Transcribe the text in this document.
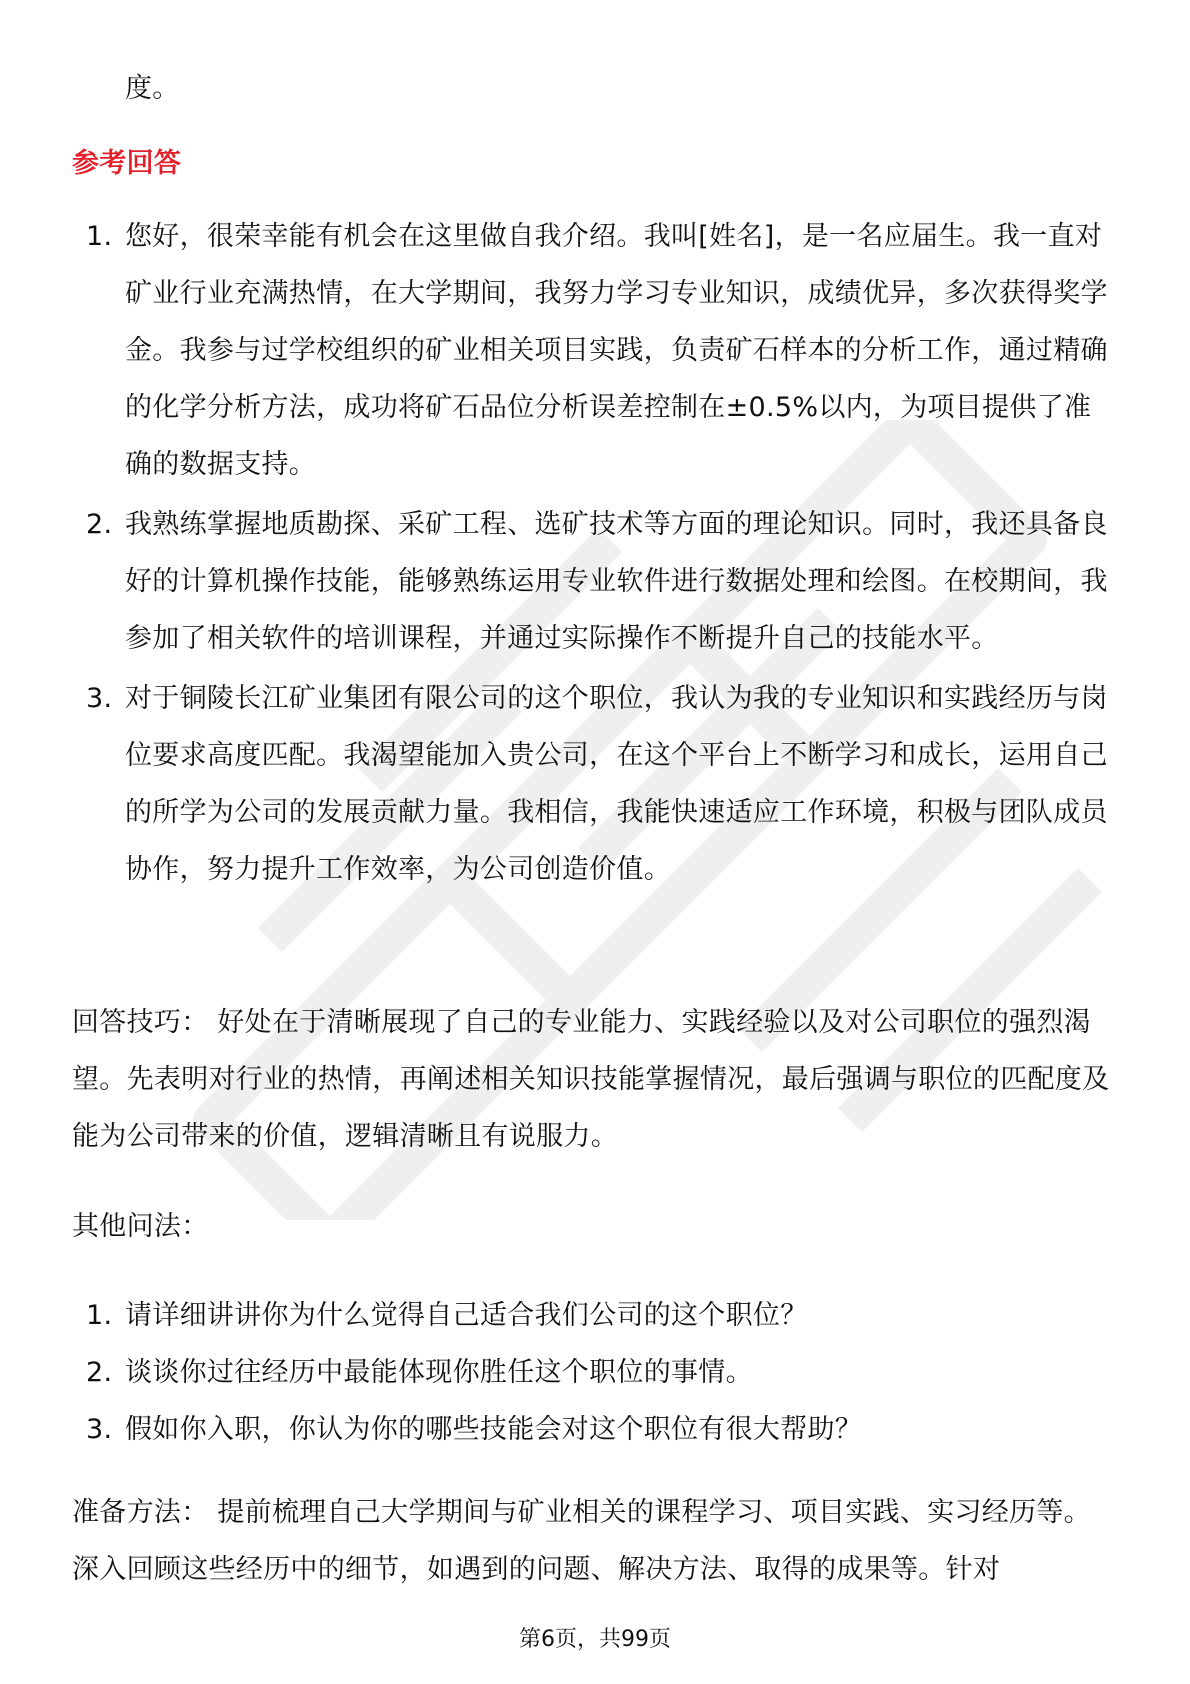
度。
参考回答
1. 您好，很荣幸能有机会在这里做自我介绍。我叫[姓名]，是一名应届生。我一直对矿业行业充满热情，在大学期间，我努力学习专业知识，成绩优异，多次获得奖学金。我参与过学校组织的矿业相关项目实践，负责矿石样本的分析工作，通过精确的化学分析方法，成功将矿石品位分析误差控制在±0.5%以内，为项目提供了准确的数据支持。
2. 我熟练掌握地质勘探、采矿工程、选矿技术等方面的理论知识。同时，我还具备良好的计算机操作技能，能够熟练运用专业软件进行数据处理和绘图。在校期间，我参加了相关软件的培训课程，并通过实际操作不断提升自己的技能水平。
3. 对于铜陵长江矿业集团有限公司的这个职位，我认为我的专业知识和实践经历与岗位要求高度匹配。我渴望能加入贵公司，在这个平台上不断学习和成长，运用自己的所学为公司的发展贡献力量。我相信，我能快速适应工作环境，积极与团队成员协作，努力提升工作效率，为公司创造价值。
回答技巧： 好处在于清晰展现了自己的专业能力、实践经验以及对公司职位的强烈渴望。先表明对行业的热情，再阐述相关知识技能掌握情况，最后强调与职位的匹配度及能为公司带来的价值，逻辑清晰且有说服力。
其他问法：
1. 请详细讲讲你为什么觉得自己适合我们公司的这个职位？
2. 谈谈你过往经历中最能体现你胜任这个职位的事情。
3. 假如你入职，你认为你的哪些技能会对这个职位有很大帮助？
准备方法： 提前梳理自己大学期间与矿业相关的课程学习、项目实践、实习经历等。深入回顾这些经历中的细节，如遇到的问题、解决方法、取得的成果等。针对
第6页，共99页
